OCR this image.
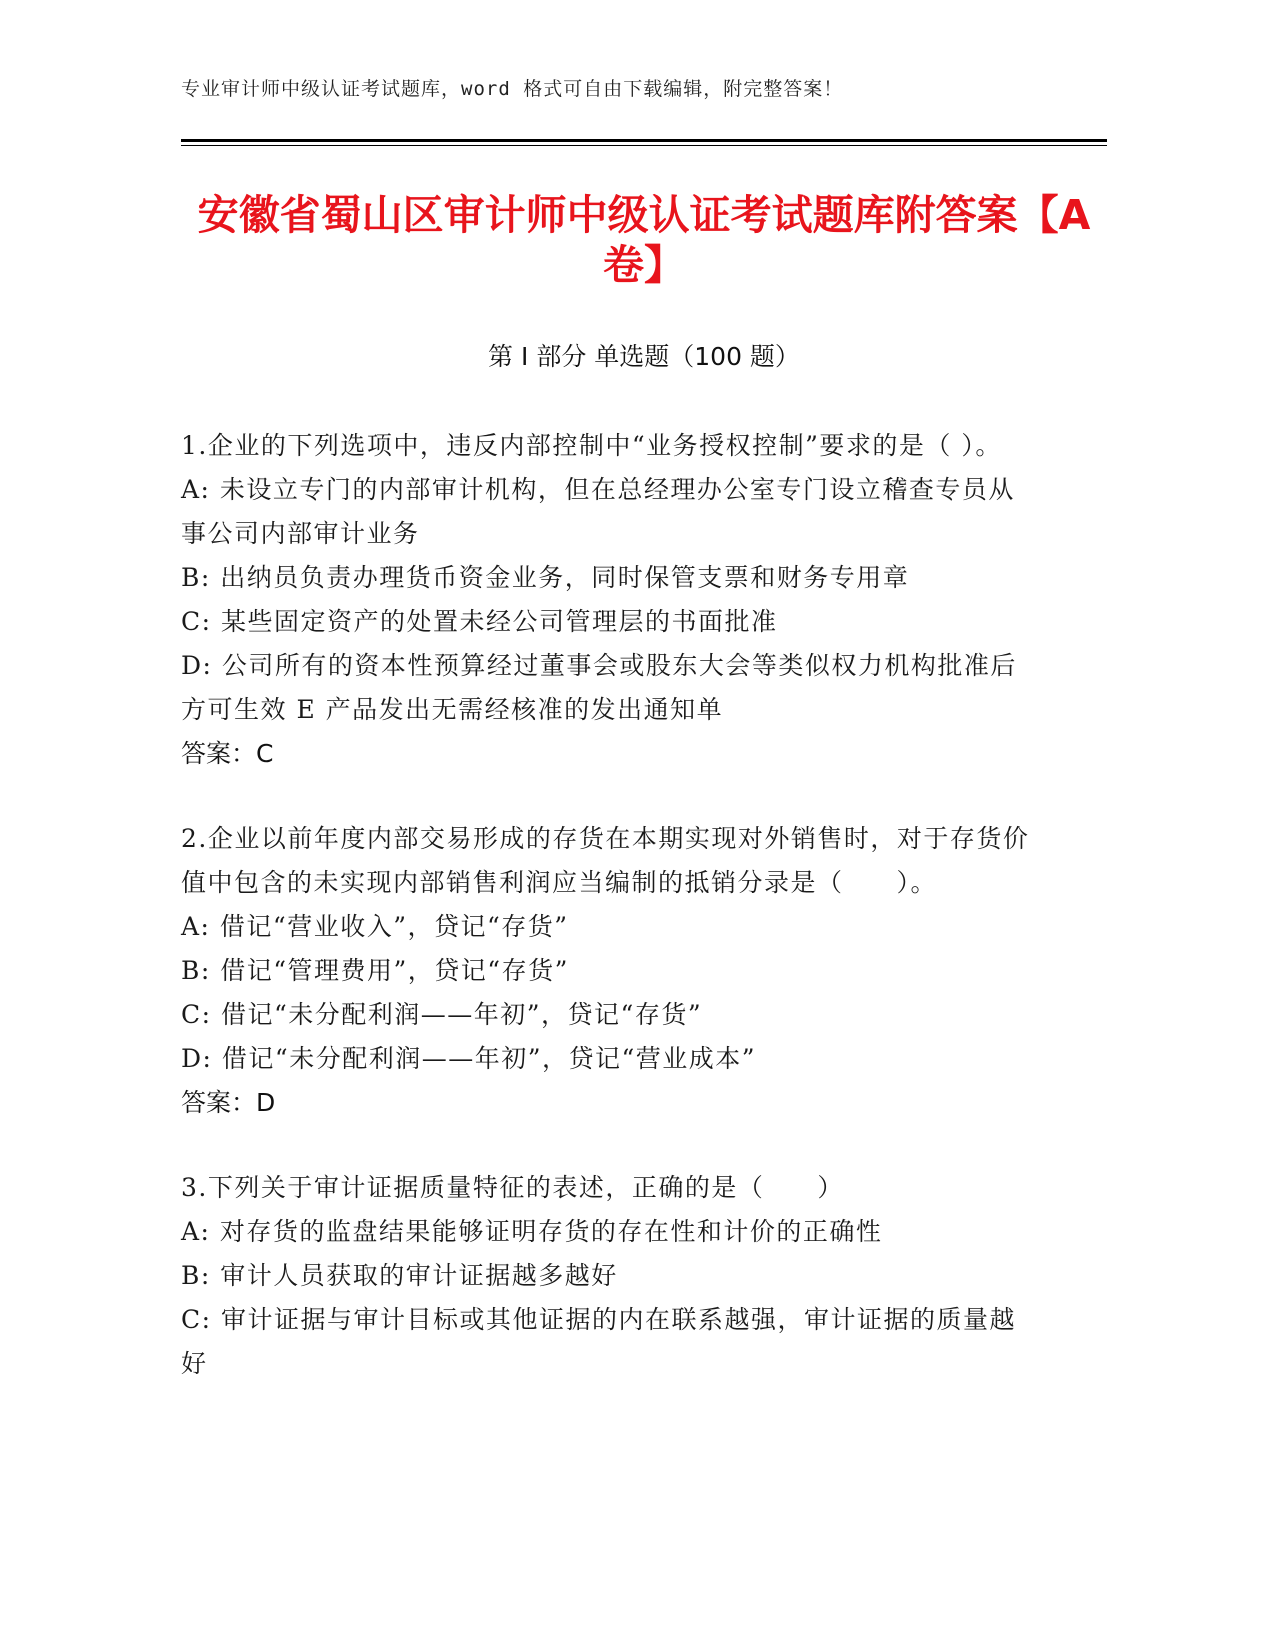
专业审计师中级认证考试题库，word 格式可自由下载编辑，附完整答案！
安徽省蜀山区审计师中级认证考试题库附答案【A 卷】
第 I 部分 单选题（100 题）
1.企业的下列选项中，违反内部控制中“业务授权控制”要求的是（ ）。
A: 未设立专门的内部审计机构，但在总经理办公室专门设立稽查专员从事公司内部审计业务
B: 出纳员负责办理货币资金业务，同时保管支票和财务专用章
C: 某些固定资产的处置未经公司管理层的书面批准
D: 公司所有的资本性预算经过董事会或股东大会等类似权力机构批准后方可生效 E 产品发出无需经核准的发出通知单
答案：C
2.企业以前年度内部交易形成的存货在本期实现对外销售时，对于存货价值中包含的未实现内部销售利润应当编制的抵销分录是（　　）。
A: 借记“营业收入”，贷记“存货”
B: 借记“管理费用”，贷记“存货”
C: 借记“未分配利润——年初”，贷记“存货”
D: 借记“未分配利润——年初”，贷记“营业成本”
答案：D
3.下列关于审计证据质量特征的表述，正确的是（　　）
A: 对存货的监盘结果能够证明存货的存在性和计价的正确性
B: 审计人员获取的审计证据越多越好
C: 审计证据与审计目标或其他证据的内在联系越强，审计证据的质量越好
